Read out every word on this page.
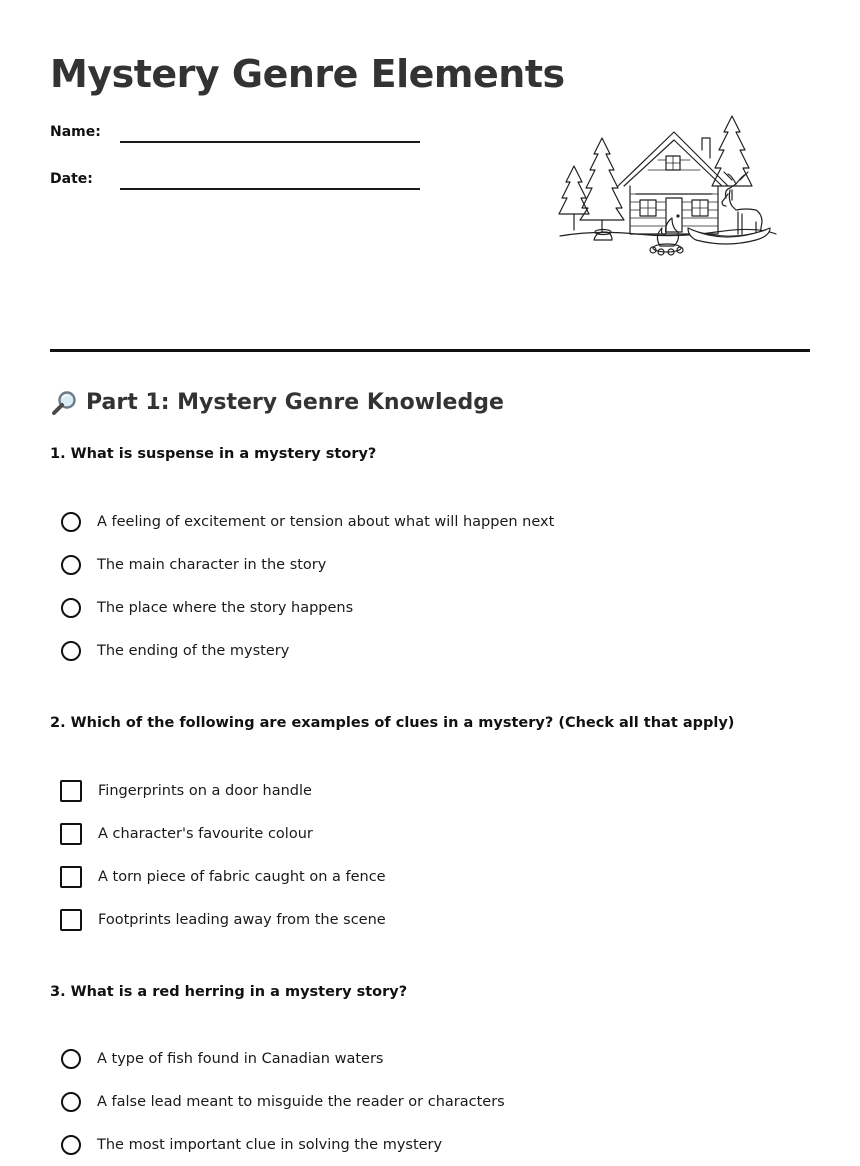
Mystery Genre Elements
Name:
Date:
Part 1: Mystery Genre Knowledge

1. What is suspense in a mystery story?

A feeling of excitement or tension about what will happen next
The main character in the story
The place where the story happens
The ending of the mystery

2. Which of the following are examples of clues in a mystery? (Check all that apply)

Fingerprints on a door handle
A character's favourite colour
A torn piece of fabric caught on a fence
Footprints leading away from the scene

3. What is a red herring in a mystery story?

A type of fish found in Canadian waters
A false lead meant to misguide the reader or characters
The most important clue in solving the mystery
